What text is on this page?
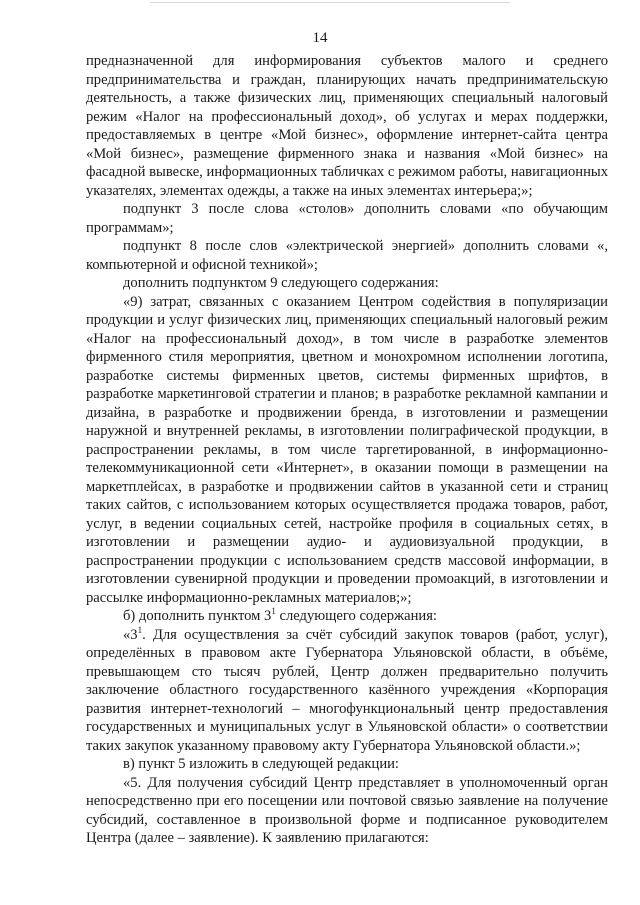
14

предназначенной для информирования субъектов малого и среднего предпринимательства и граждан, планирующих начать предпринимательскую деятельность, а также физических лиц, применяющих специальный налоговый режим «Налог на профессиональный доход», об услугах и мерах поддержки, предоставляемых в центре «Мой бизнес», оформление интернет-сайта центра «Мой бизнес», размещение фирменного знака и названия «Мой бизнес» на фасадной вывеске, информационных табличках с режимом работы, навигационных указателях, элементах одежды, а также на иных элементах интерьера;»;

подпункт 3 после слова «столов» дополнить словами «по обучающим программам»;

подпункт 8 после слов «электрической энергией» дополнить словами «, компьютерной и офисной техникой»;

дополнить подпунктом 9 следующего содержания:

«9) затрат, связанных с оказанием Центром содействия в популяризации продукции и услуг физических лиц, применяющих специальный налоговый режим «Налог на профессиональный доход», в том числе в разработке элементов фирменного стиля мероприятия, цветном и монохромном исполнении логотипа, разработке системы фирменных цветов, системы фирменных шрифтов, в разработке маркетинговой стратегии и планов; в разработке рекламной кампании и дизайна, в разработке и продвижении бренда, в изготовлении и размещении наружной и внутренней рекламы, в изготовлении полиграфической продукции, в распространении рекламы, в том числе таргетированной, в информационно-телекоммуникационной сети «Интернет», в оказании помощи в размещении на маркетплейсах, в разработке и продвижении сайтов в указанной сети и страниц таких сайтов, с использованием которых осуществляется продажа товаров, работ, услуг, в ведении социальных сетей, настройке профиля в социальных сетях, в изготовлении и размещении аудио- и аудиовизуальной продукции, в распространении продукции с использованием средств массовой информации, в изготовлении сувенирной продукции и проведении промоакций, в изготовлении и рассылке информационно-рекламных материалов;»;

б) дополнить пунктом $3^1$ следующего содержания:

«$3^1$. Для осуществления за счёт субсидий закупок товаров (работ, услуг), определённых в правовом акте Губернатора Ульяновской области, в объёме, превышающем сто тысяч рублей, Центр должен предварительно получить заключение областного государственного казённого учреждения «Корпорация развития интернет-технологий – многофункциональный центр предоставления государственных и муниципальных услуг в Ульяновской области» о соответствии таких закупок указанному правовому акту Губернатора Ульяновской области.»;

в) пункт 5 изложить в следующей редакции:

«5. Для получения субсидий Центр представляет в уполномоченный орган непосредственно при его посещении или почтовой связью заявление на получение субсидий, составленное в произвольной форме и подписанное руководителем Центра (далее – заявление). К заявлению прилагаются:
